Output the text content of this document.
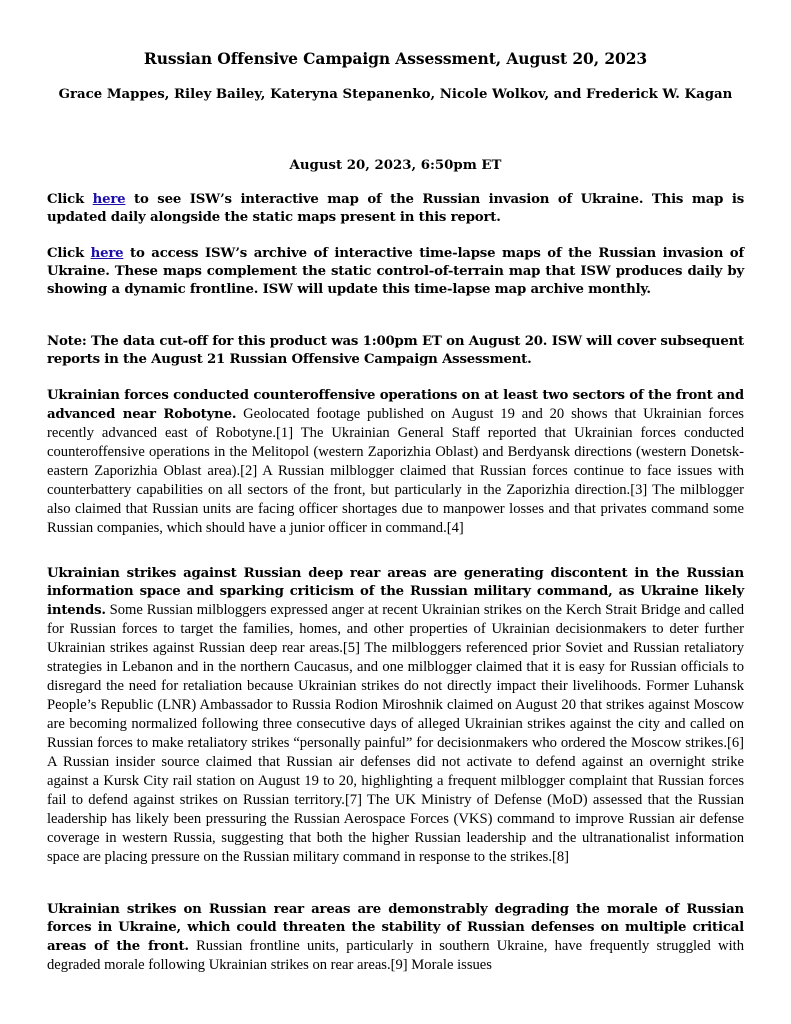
Russian Offensive Campaign Assessment, August 20, 2023
Grace Mappes, Riley Bailey, Kateryna Stepanenko, Nicole Wolkov, and Frederick W. Kagan
August 20, 2023, 6:50pm ET

Click here to see ISW’s interactive map of the Russian invasion of Ukraine. This map is updated daily alongside the static maps present in this report.

Click here to access ISW’s archive of interactive time-lapse maps of the Russian invasion of Ukraine. These maps complement the static control-of-terrain map that ISW produces daily by showing a dynamic frontline. ISW will update this time-lapse map archive monthly.

Note: The data cut-off for this product was 1:00pm ET on August 20. ISW will cover subsequent reports in the August 21 Russian Offensive Campaign Assessment.

Ukrainian forces conducted counteroffensive operations on at least two sectors of the front and advanced near Robotyne. Geolocated footage published on August 19 and 20 shows that Ukrainian forces recently advanced east of Robotyne.[1] The Ukrainian General Staff reported that Ukrainian forces conducted counteroffensive operations in the Melitopol (western Zaporizhia Oblast) and Berdyansk directions (western Donetsk-eastern Zaporizhia Oblast area).[2] A Russian milblogger claimed that Russian forces continue to face issues with counterbattery capabilities on all sectors of the front, but particularly in the Zaporizhia direction.[3] The milblogger also claimed that Russian units are facing officer shortages due to manpower losses and that privates command some Russian companies, which should have a junior officer in command.[4]

Ukrainian strikes against Russian deep rear areas are generating discontent in the Russian information space and sparking criticism of the Russian military command, as Ukraine likely intends. Some Russian milbloggers expressed anger at recent Ukrainian strikes on the Kerch Strait Bridge and called for Russian forces to target the families, homes, and other properties of Ukrainian decisionmakers to deter further Ukrainian strikes against Russian deep rear areas.[5] The milbloggers referenced prior Soviet and Russian retaliatory strategies in Lebanon and in the northern Caucasus, and one milblogger claimed that it is easy for Russian officials to disregard the need for retaliation because Ukrainian strikes do not directly impact their livelihoods. Former Luhansk People’s Republic (LNR) Ambassador to Russia Rodion Miroshnik claimed on August 20 that strikes against Moscow are becoming normalized following three consecutive days of alleged Ukrainian strikes against the city and called on Russian forces to make retaliatory strikes “personally painful” for decisionmakers who ordered the Moscow strikes.[6] A Russian insider source claimed that Russian air defenses did not activate to defend against an overnight strike against a Kursk City rail station on August 19 to 20, highlighting a frequent milblogger complaint that Russian forces fail to defend against strikes on Russian territory.[7] The UK Ministry of Defense (MoD) assessed that the Russian leadership has likely been pressuring the Russian Aerospace Forces (VKS) command to improve Russian air defense coverage in western Russia, suggesting that both the higher Russian leadership and the ultranationalist information space are placing pressure on the Russian military command in response to the strikes.[8]

Ukrainian strikes on Russian rear areas are demonstrably degrading the morale of Russian forces in Ukraine, which could threaten the stability of Russian defenses on multiple critical areas of the front. Russian frontline units, particularly in southern Ukraine, have frequently struggled with degraded morale following Ukrainian strikes on rear areas.[9] Morale issues
